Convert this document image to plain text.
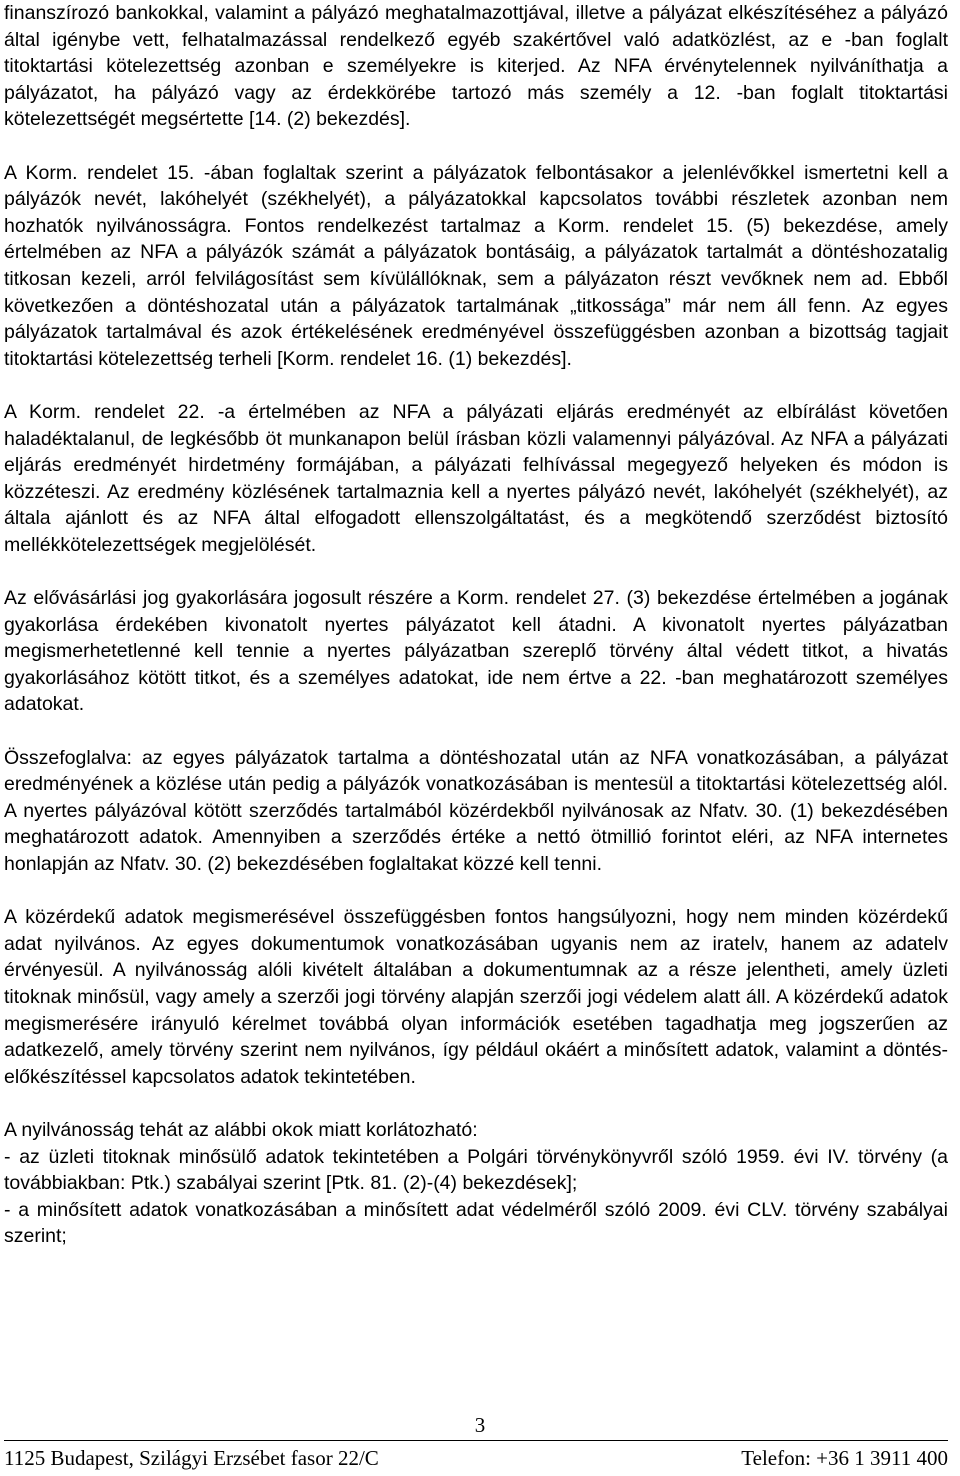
finanszírozó bankokkal, valamint a pályázó meghatalmazottjával, illetve a pályázat elkészítéséhez a pályázó által igénybe vett, felhatalmazással rendelkező egyéb szakértővel való adatközlést, az e -ban foglalt titoktartási kötelezettség azonban e személyekre is kiterjed. Az NFA érvénytelennek nyilváníthatja a pályázatot, ha pályázó vagy az érdekkörébe tartozó más személy a 12. -ban foglalt titoktartási kötelezettségét megsértette [14. (2) bekezdés].

A Korm. rendelet 15. -ában foglaltak szerint a pályázatok felbontásakor a jelenlévőkkel ismertetni kell a pályázók nevét, lakóhelyét (székhelyét), a pályázatokkal kapcsolatos további részletek azonban nem hozhatók nyilvánosságra. Fontos rendelkezést tartalmaz a Korm. rendelet 15. (5) bekezdése, amely értelmében az NFA a pályázók számát a pályázatok bontásáig, a pályázatok tartalmát a döntéshozatalig titkosan kezeli, arról felvilágosítást sem kívülállóknak, sem a pályázaton részt vevőknek nem ad. Ebből következően a döntéshozatal után a pályázatok tartalmának „titkossága” már nem áll fenn. Az egyes pályázatok tartalmával és azok értékelésének eredményével összefüggésben azonban a bizottság tagjait titoktartási kötelezettség terheli [Korm. rendelet 16. (1) bekezdés].

A Korm. rendelet 22. -a értelmében az NFA a pályázati eljárás eredményét az elbírálást követően haladéktalanul, de legkésőbb öt munkanapon belül írásban közli valamennyi pályázóval. Az NFA a pályázati eljárás eredményét hirdetmény formájában, a pályázati felhívással megegyező helyeken és módon is közzéteszi. Az eredmény közlésének tartalmaznia kell a nyertes pályázó nevét, lakóhelyét (székhelyét), az általa ajánlott és az NFA által elfogadott ellenszolgáltatást, és a megkötendő szerződést biztosító mellékkötelezettségek megjelölését.

Az elővásárlási jog gyakorlására jogosult részére a Korm. rendelet 27. (3) bekezdése értelmében a jogának gyakorlása érdekében kivonatolt nyertes pályázatot kell átadni. A kivonatolt nyertes pályázatban megismerhetetlenné kell tennie a nyertes pályázatban szereplő törvény által védett titkot, a hivatás gyakorlásához kötött titkot, és a személyes adatokat, ide nem értve a 22. -ban meghatározott személyes adatokat.

Összefoglalva: az egyes pályázatok tartalma a döntéshozatal után az NFA vonatkozásában, a pályázat eredményének a közlése után pedig a pályázók vonatkozásában is mentesül a titoktartási kötelezettség alól. A nyertes pályázóval kötött szerződés tartalmából közérdekből nyilvánosak az Nfatv. 30. (1) bekezdésében meghatározott adatok. Amennyiben a szerződés értéke a nettó ötmillió forintot eléri, az NFA internetes honlapján az Nfatv. 30. (2) bekezdésében foglaltakat közzé kell tenni.

A közérdekű adatok megismerésével összefüggésben fontos hangsúlyozni, hogy nem minden közérdekű adat nyilvános. Az egyes dokumentumok vonatkozásában ugyanis nem az iratelv, hanem az adatelv érvényesül. A nyilvánosság alóli kivételt általában a dokumentumnak az a része jelentheti, amely üzleti titoknak minősül, vagy amely a szerzői jogi törvény alapján szerzői jogi védelem alatt áll. A közérdekű adatok megismerésére irányuló kérelmet továbbá olyan információk esetében tagadhatja meg jogszerűen az adatkezelő, amely törvény szerint nem nyilvános, így például okáért a minősített adatok, valamint a döntés-előkészítéssel kapcsolatos adatok tekintetében.

A nyilvánosság tehát az alábbi okok miatt korlátozható:

- az üzleti titoknak minősülő adatok tekintetében a Polgári törvénykönyvről szóló 1959. évi IV. törvény (a továbbiakban: Ptk.) szabályai szerint [Ptk. 81. (2)-(4) bekezdések];

- a minősített adatok vonatkozásában a minősített adat védelméről szóló 2009. évi CLV. törvény szabályai szerint;

3
1125 Budapest, Szilágyi Erzsébet fasor 22/C	Telefon: +36 1 3911 400
